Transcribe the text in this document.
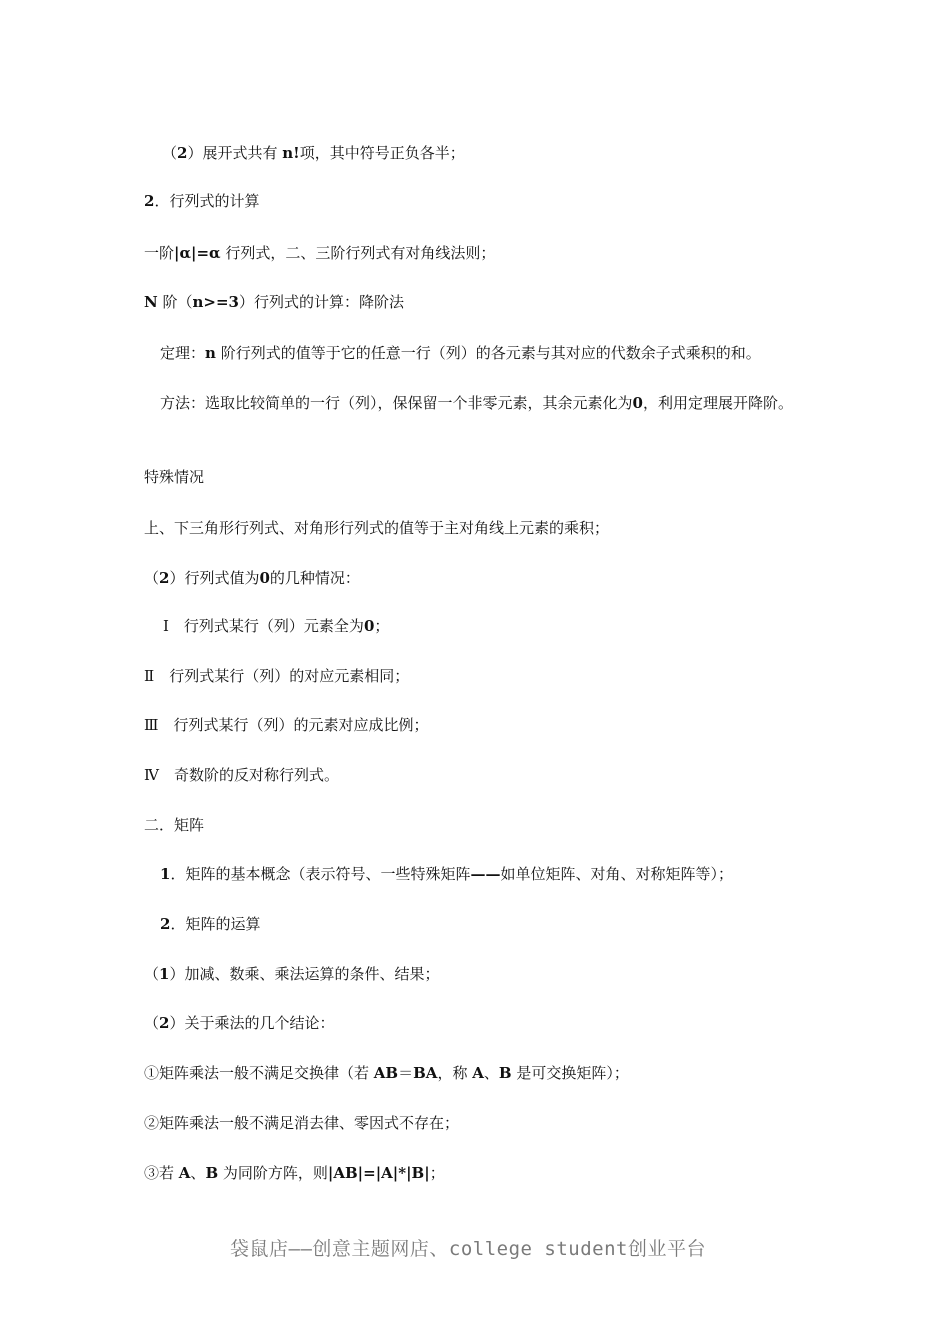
（2）展开式共有 n!项，其中符号正负各半；
2．行列式的计算
一阶|α|=α 行列式，二、三阶行列式有对角线法则；
N 阶（n>=3）行列式的计算：降阶法
定理：n 阶行列式的值等于它的任意一行（列）的各元素与其对应的代数余子式乘积的和。
方法：选取比较简单的一行（列），保保留一个非零元素，其余元素化为0，利用定理展开降阶。
特殊情况
上、下三角形行列式、对角形行列式的值等于主对角线上元素的乘积；
（2）行列式值为0的几种情况：
Ⅰ　行列式某行（列）元素全为0；
Ⅱ　行列式某行（列）的对应元素相同；
Ⅲ　行列式某行（列）的元素对应成比例；
Ⅳ　奇数阶的反对称行列式。
二．矩阵
1．矩阵的基本概念（表示符号、一些特殊矩阵——如单位矩阵、对角、对称矩阵等）；
2．矩阵的运算
（1）加减、数乘、乘法运算的条件、结果；
（2）关于乘法的几个结论：
①矩阵乘法一般不满足交换律（若 AB＝BA，称 A、B 是可交换矩阵）；
②矩阵乘法一般不满足消去律、零因式不存在；
③若 A、B 为同阶方阵，则|AB|=|A|*|B|；
袋鼠店——创意主题网店、college student创业平台
